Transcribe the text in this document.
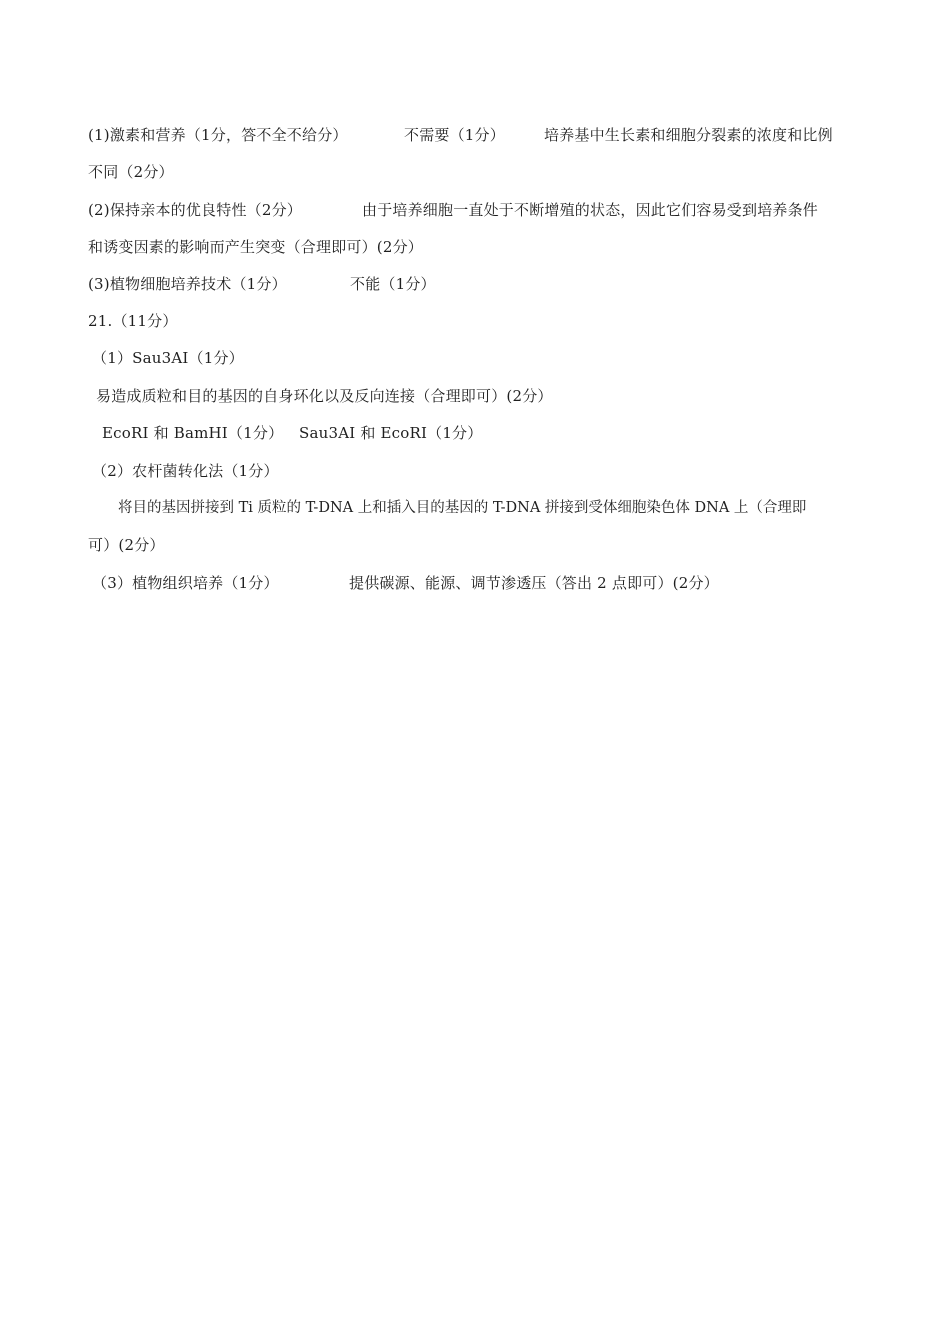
(1)激素和营养（1分，答不全不给分）	不需要（1分）	培养基中生长素和细胞分裂素的浓度和比例
不同（2分）
(2)保持亲本的优良特性（2分）	由于培养细胞一直处于不断增殖的状态，因此它们容易受到培养条件
和诱变因素的影响而产生突变（合理即可）(2分）
(3)植物细胞培养技术（1分）	不能（1分）
21.（11分）
（1）Sau3AⅠ（1分）
易造成质粒和目的基因的自身环化以及反向连接（合理即可）(2分）
EcoRI 和 BamHⅠ（1分） Sau3AI 和 EcoRI（1分）
（2）农杆菌转化法（1分）
将目的基因拼接到 Ti 质粒的 T-DNA 上和插入目的基因的 T-DNA 拼接到受体细胞染色体 DNA 上（合理即
可）(2分）
（3）植物组织培养（1分）	提供碳源、能源、调节渗透压（答出 2 点即可）(2分）
